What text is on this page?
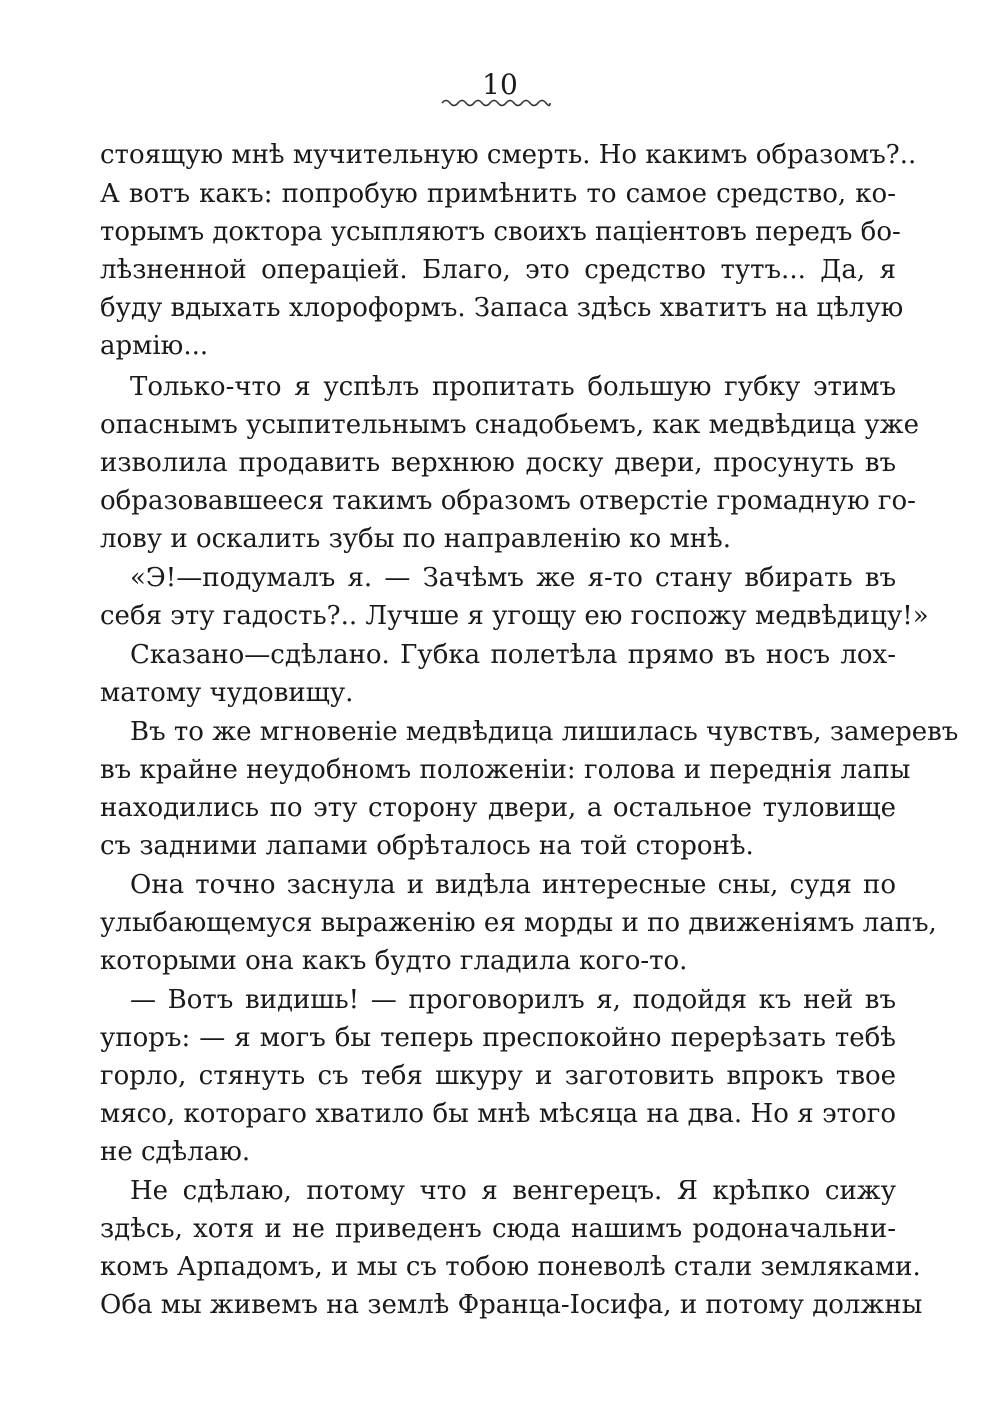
10
стоящую мнѣ мучительную смерть. Но какимъ образомъ?..
А вотъ какъ: попробую примѣнить то самое средство, ко-
торымъ доктора усыпляютъ своихъ паціентовъ передъ бо-
лѣзненной операціей. Благо, это средство тутъ... Да, я
буду вдыхать хлороформъ. Запаса здѣсь хватитъ на цѣлую
армію...
Только-что я успѣлъ пропитать большую губку этимъ
опаснымъ усыпительнымъ снадобьемъ, как медвѣдица уже
изволила продавить верхнюю доску двери, просунуть въ
образовавшееся такимъ образомъ отверстіе громадную го-
лову и оскалить зубы по направленію ко мнѣ.
«Э!—подумалъ я. — Зачѣмъ же я-то стану вбирать въ
себя эту гадость?.. Лучше я угощу ею госпожу медвѣдицу!»
Сказано—сдѣлано. Губка полетѣла прямо въ носъ лох-
матому чудовищу.
Въ то же мгновеніе медвѣдица лишилась чувствъ, замеревъ
въ крайне неудобномъ положеніи: голова и переднія лапы
находились по эту сторону двери, а остальное туловище
съ задними лапами обрѣталось на той сторонѣ.
Она точно заснула и видѣла интересные сны, судя по
улыбающемуся выраженію ея морды и по движеніямъ лапъ,
которыми она какъ будто гладила кого-то.
— Вотъ видишь! — проговорилъ я, подойдя къ ней въ
упоръ: — я могъ бы теперь преспокойно перерѣзать тебѣ
горло, стянуть съ тебя шкуру и заготовить впрокъ твое
мясо, котораго хватило бы мнѣ мѣсяца на два. Но я этого
не сдѣлаю.
Не сдѣлаю, потому что я венгерецъ. Я крѣпко сижу
здѣсь, хотя и не приведенъ сюда нашимъ родоначальни-
комъ Арпадомъ, и мы съ тобою поневолѣ стали земляками.
Оба мы живемъ на землѣ Франца-Іосифа, и потому должны
